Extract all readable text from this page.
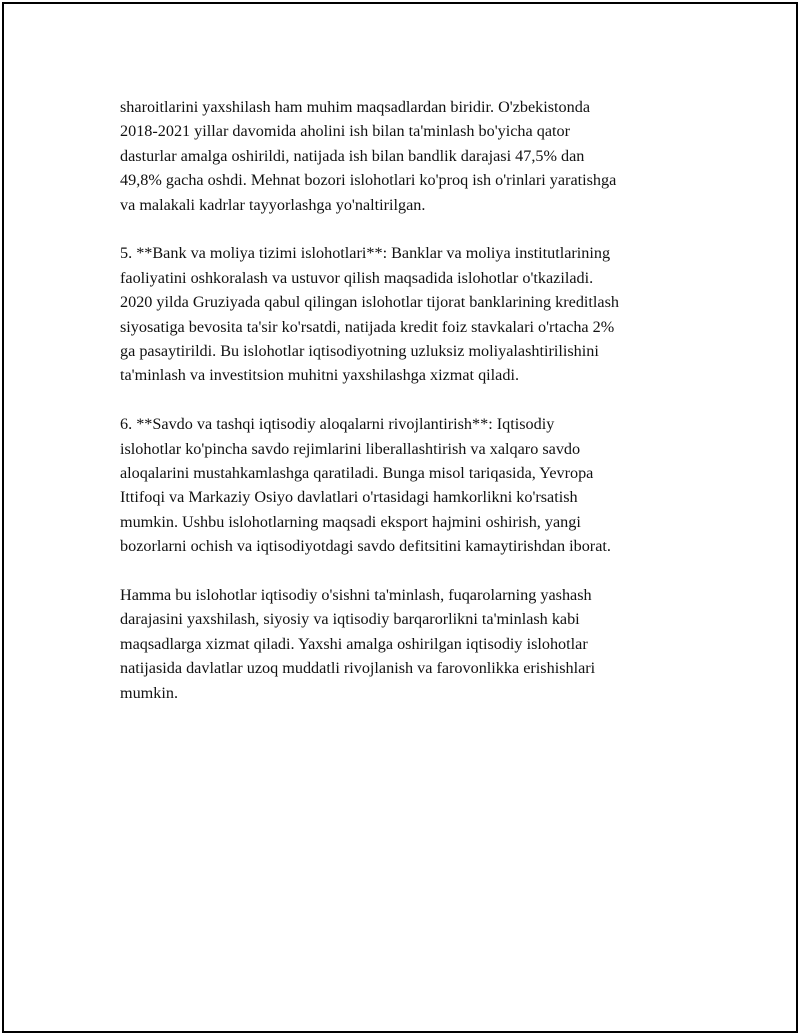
sharoitlarini yaxshilash ham muhim maqsadlardan biridir. O'zbekistonda
2018-2021 yillar davomida aholini ish bilan ta'minlash bo'yicha qator
dasturlar amalga oshirildi, natijada ish bilan bandlik darajasi 47,5% dan
49,8% gacha oshdi. Mehnat bozori islohotlari ko'proq ish o'rinlari yaratishga
va malakali kadrlar tayyorlashga yo'naltirilgan.

5. **Bank va moliya tizimi islohotlari**: Banklar va moliya institutlarining
faoliyatini oshkoralash va ustuvor qilish maqsadida islohotlar o'tkaziladi.
2020 yilda Gruziyada qabul qilingan islohotlar tijorat banklarining kreditlash
siyosatiga bevosita ta'sir ko'rsatdi, natijada kredit foiz stavkalari o'rtacha 2%
ga pasaytirildi. Bu islohotlar iqtisodiyotning uzluksiz moliyalashtirilishini
ta'minlash va investitsion muhitni yaxshilashga xizmat qiladi.

6. **Savdo va tashqi iqtisodiy aloqalarni rivojlantirish**: Iqtisodiy
islohotlar ko'pincha savdo rejimlarini liberallashtirish va xalqaro savdo
aloqalarini mustahkamlashga qaratiladi. Bunga misol tariqasida, Yevropa
Ittifoqi va Markaziy Osiyo davlatlari o'rtasidagi hamkorlikni ko'rsatish
mumkin. Ushbu islohotlarning maqsadi eksport hajmini oshirish, yangi
bozorlarni ochish va iqtisodiyotdagi savdo defitsitini kamaytirishdan iborat.

Hamma bu islohotlar iqtisodiy o'sishni ta'minlash, fuqarolarning yashash
darajasini yaxshilash, siyosiy va iqtisodiy barqarorlikni ta'minlash kabi
maqsadlarga xizmat qiladi. Yaxshi amalga oshirilgan iqtisodiy islohotlar
natijasida davlatlar uzoq muddatli rivojlanish va farovonlikka erishishlari
mumkin.
